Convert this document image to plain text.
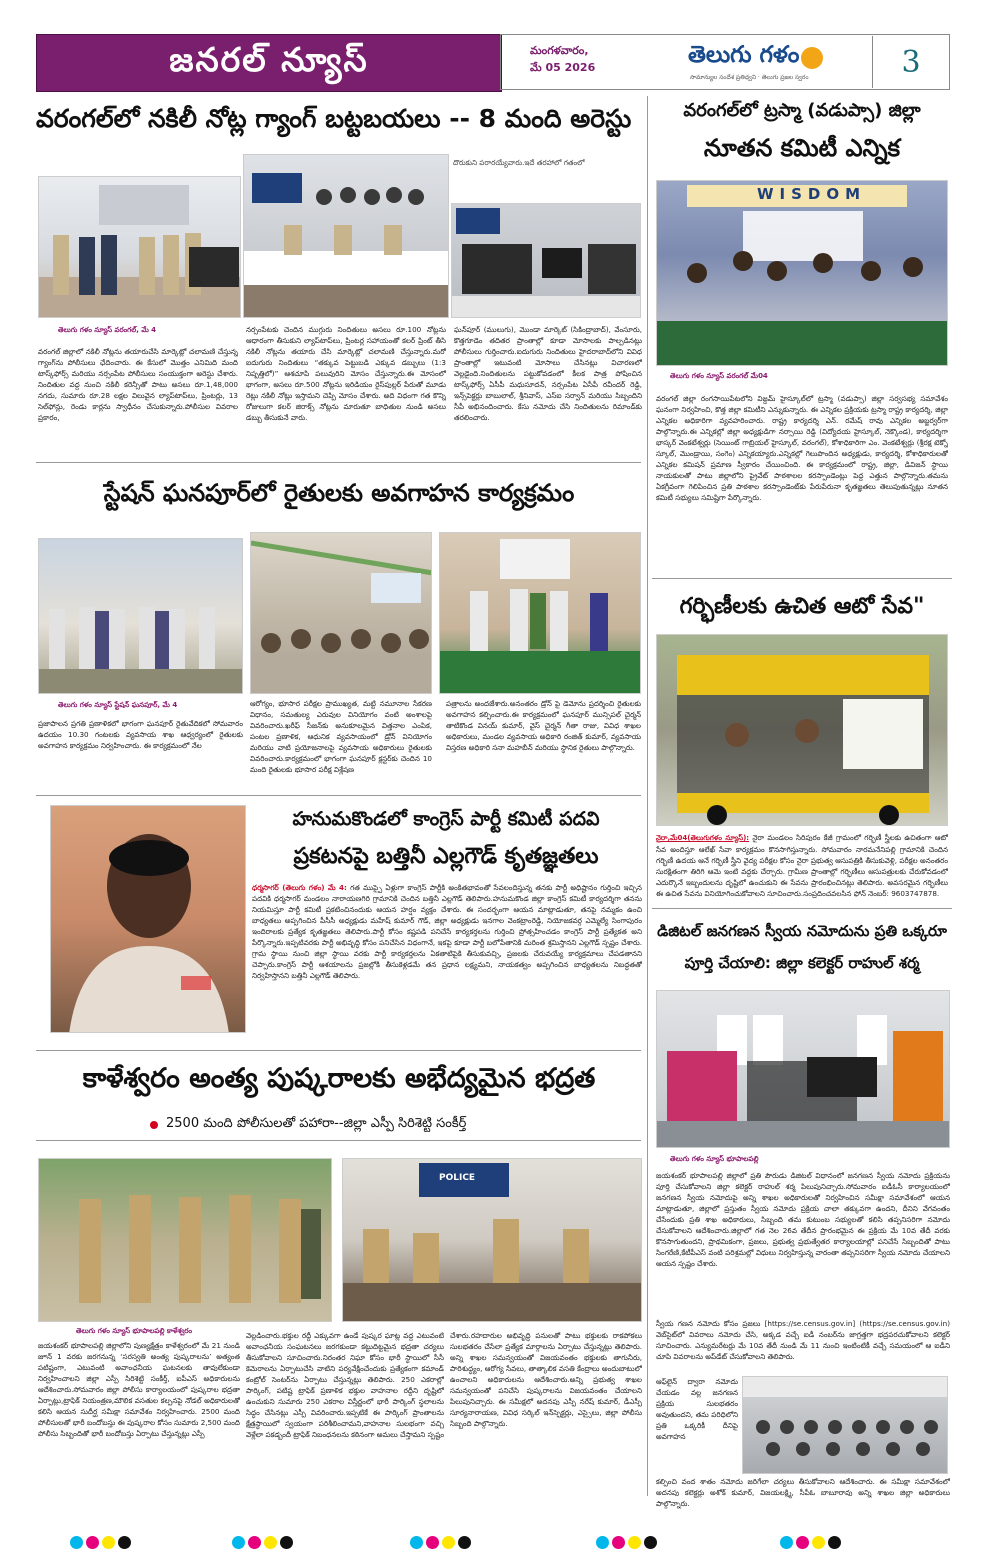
జనరల్ న్యూస్	మంగళవారం,
మే 05 2026	తెలుగు గళం
సామాన్యుల సందేశ ప్రతిధ్వని · తెలుగు ప్రజల స్వరం	3
వరంగల్‌లో నకిలీ నోట్ల గ్యాంగ్ బట్టబయలు -- 8 మంది అరెస్టు
దొరుకుని పరారయ్యేవారు.ఇదే తరహాలో గతంలో
తెలుగు గళం న్యూస్ వరంగల్, మే 4
వరంగల్ జిల్లాలో నకిలీ నోట్లను తయారుచేసి మార్కెట్లో చలామణి చేస్తున్న గ్యాంగ్‌ను పోలీసులు ఛేదించారు. ఈ కేసులో మొత్తం ఎనిమిది మంది టాస్క్‌ఫోర్స్ మరియు నర్సంపేట పోలీసులు సంయుక్తంగా అరెస్టు చేశారు. నిందితుల వద్ద నుంచి నకిలీ కరెన్సీతో పాటు అసలు రూ.1,48,000 నగదు, సుమారు రూ.28 లక్షల విలువైన ల్యాప్‌టాప్‌లు, ప్రింటర్లు, 13 సెల్‌ఫోన్లు, రెండు కార్లను స్వాధీనం చేసుకున్నారు.పోలీసుల వివరాల ప్రకారం,
నర్సంపేటకు చెందిన ముగ్గురు నిందితులు అసలు రూ.100 నోట్లను ఆధారంగా తీసుకుని ల్యాప్‌టాప్‌లు, ప్రింటర్ల సహాయంతో కలర్ ప్రింట్ తీసి నకిలీ నోట్లను తయారు చేసి మార్కెట్లో చలామణి చేస్తున్నారు.మరో ఐదుగురు నిందితులు “తక్కువ పెట్టుబడి ఎక్కువ డబ్బులు (1:3 నిష్పత్తిలో)” ఆశచూపి పలువురిని మోసం చేస్తున్నారు.ఈ మోసంలో భాగంగా, అసలు రూ.500 నోట్లను ఇరిడియం రైస్‌పుల్లర్ పేరుతో మూడు రెట్లు నకిలీ నోట్లు ఇస్తామని చెప్పి మోసం చేశారు. అది విధంగా గత కొన్ని రోజులుగా కలర్ జిరాక్స్ నోట్లను మారుతూ బాధితుల నుండి అసలు డబ్బు తీసుకునే వారు.
ఘన్‌పూర్ (ములుగు), మొండా మార్కెట్ (సికింద్రాబాద్), వేంసూరు, కొత్తగూడెం తదితర ప్రాంతాల్లో కూడా మోసాలకు పాల్పడినట్లు పోలీసులు గుర్తించారు.ఐదుగురు నిందితులు హైదరాబాద్‌లోని వివిధ ప్రాంతాల్లో ఇటువంటి మోసాలు చేసినట్లు విచారణలో వెల్లడైంది.నిందితులను పట్టుకోవడంలో కీలక పాత్ర పోషించిన టాస్క్‌ఫోర్స్ ఏసీపీ మధుసూదన్, నర్సంపేట ఏసీపీ రవీందర్ రెడ్డి, ఇన్స్‌పెక్టర్లు బాబులాల్, శ్రీనివాస్, ఎస్ఐ సర్వాన్ మరియు సిబ్బందిని సీపీ అభినందించారు. కేసు నమోదు చేసి నిందితులను రిమాండ్‌కు తరలించారు.
వరంగల్‌లో ట్రస్మా (వడుప్సా) జిల్లా
నూతన కమిటీ ఎన్నిక
WISDOM
తెలుగు గళం న్యూస్ వరంగల్ మే04
వరంగల్ జిల్లా రంగసాయిపేటలోని విజ్డమ్ హైస్కూల్‌లో ట్రస్మా (వడుప్సా) జిల్లా సర్వసభ్య సమావేశం ఘనంగా నిర్వహించి, కొత్త జిల్లా కమిటీని ఎన్నుకున్నారు. ఈ ఎన్నికల ప్రక్రియకు ట్రస్మా రాష్ట్ర కార్యదర్శి, జిల్లా ఎన్నికల అధికారిగా వ్యవహరించారు. రాష్ట్ర కార్యదర్శి ఎన్. రమేష్ రావు ఎన్నికల అబ్జర్వర్‌గా పాల్గొన్నారు.ఈ ఎన్నికల్లో జిల్లా అధ్యక్షుడిగా నర్సాయి రెడ్డి (విద్యోదయ హైస్కూల్, నెక్కొండ), కార్యదర్శిగా భాస్కర్ వెంకటేశ్వర్లు (సెయింట్ గాబ్రియల్ హైస్కూల్, వరంగల్), కోశాధికారిగా ఎం. వెంకటేశ్వర్లు (శ్రీరక్ష టెక్నో స్కూల్, మొండ్రాయి, సంగెం) ఎన్నికయ్యారు.ఎన్నికల్లో గెలుపొందిన అధ్యక్షుడు, కార్యదర్శి, కోశాధికారులతో ఎన్నికల కమిషన్ ప్రమాణ స్వీకారం చేయించింది. ఈ కార్యక్రమంలో రాష్ట్ర, జిల్లా, డివిజన్ స్థాయి నాయకులతో పాటు జిల్లాలోని ప్రైవేట్ పాఠశాలల కరస్పాండెంట్లు పెద్ద ఎత్తున పాల్గొన్నారు.తమను ఏకగ్రీవంగా గెలిపించిన ప్రతి పాఠశాల కరస్పాండెంట్‌కు పేరుపేరునా కృతజ్ఞతలు తెలుపుతున్నట్లు నూతన కమిటీ సభ్యులు సమిష్టిగా పేర్కొన్నారు.
స్టేషన్ ఘనపూర్‌లో రైతులకు అవగాహన కార్యక్రమం
తెలుగు గళం న్యూస్ స్టేషన్ ఘనపూర్, మే 4
ప్రజాపాలన ప్రగతి ప్రణాళికలో భాగంగా ఘనపూర్ రైతువేదికలో సోమవారం ఉదయం 10.30 గంటలకు వ్యవసాయ శాఖ ఆధ్వర్యంలో రైతులకు అవగాహన కార్యక్రమం నిర్వహించారు. ఈ కార్యక్రమంలో నేల
ఆరోగ్యం, భూసార పరీక్షల ప్రాముఖ్యత, మట్టి నమూనాల సేకరణ విధానం, సమతుల్య ఎరువుల వినియోగం వంటి అంశాలపై వివరించారు.ఖరీఫ్ సీజన్‌కు అనుకూలమైన విత్తనాల ఎంపిక, పంటల ప్రణాళిక, ఆధునిక వ్యవసాయంలో డ్రోన్ వినియోగం మరియు వాటి ప్రయోజనాలపై వ్యవసాయ అధికారులు రైతులకు వివరించారు.కార్యక్రమంలో భాగంగా ఘనపూర్ క్లస్టర్‌కు చెందిన 10 మంది రైతులకు భూసార పరీక్ష విశ్లేషణ
పత్రాలను అందజేశారు.అనంతరం డ్రోన్ పై డెమోను ప్రదర్శించి రైతులకు అవగాహన కల్పించారు.ఈ కార్యక్రమంలో ఘనపూర్ మున్సిపల్ చైర్మన్ తాటికొండ వినయ్ కుమార్, వైస్ చైర్మన్ గీతా రాజు, వివిధ శాఖల అధికారులు, మండల వ్యవసాయ అధికారి రంజిత్ కుమార్, వ్యవసాయ విస్తరణ అధికారి సనా మహబీన్ మరియు స్థానిక రైతులు పాల్గొన్నారు.
గర్భిణీలకు ఉచిత ఆటో సేవ"
నైరా,మే04(తెలుగుగళం న్యూస్): నైరా మండలం సిరిపురం కేజీ గ్రామంలో గర్భిణీ స్త్రీలకు ఉచితంగా ఆటో సేవ అందిస్తూ ఆలేఖ్ సేవా కార్యక్రమం కొనసాగిస్తున్నారు. సోమవారం నారమనేనిపల్లి గ్రామానికి చెందిన గర్భిణీ ఉదయ ఆనే గర్భిణీ స్త్రీని వైద్య పరీక్షల కోసం నైరా ప్రభుత్వ ఆసుపత్రికి తీసుకువెళ్లి, పరీక్షల అనంతరం సురక్షితంగా తిరిగి ఆమె ఇంటి వద్దకు చేర్చారు. గ్రామీణ ప్రాంతాల్లో గర్భిణీలు ఆసుపత్రులకు చేరుకోవడంలో ఎదుర్కొనే ఇబ్బందులను దృష్టిలో ఉంచుకుని ఈ సేవను ప్రారంభించినట్లు తెలిపారు. అవసరమైన గర్భిణీలు ఈ ఉచిత సేవను వినియోగించుకోవాలని సూచించారు.సంప్రదించవలసిన ఫోన్ నెంబర్: 9603747878.
హనుమకొండలో కాంగ్రెస్ పార్టీ కమిటీ పదవి
ప్రకటనపై బత్తినీ ఎల్లగౌడ్ కృతజ్ఞతలు
ధర్మసాగర్ (తెలుగు గళం) మే 4: గత ముప్పై ఏళ్లుగా కాంగ్రెస్ పార్టీకి అంకితభావంతో సేవలందిస్తున్న తనకు పార్టీ అధిష్టానం గుర్తించి ఇచ్చిన పదవికి ధర్మసాగర్ మండలం నారాయణగిరి గ్రామానికి చెందిన బత్తినీ ఎల్లగౌడ్ తెలిపారు.హనుమకొండ జిల్లా కాంగ్రెస్ కమిటీ కార్యదర్శిగా తనను నియమిస్తూ పార్టీ కమిటీ ప్రకటించినందుకు ఆయన హర్షం వ్యక్తం చేశారు. ఈ సందర్భంగా ఆయన మాట్లాడుతూ, తనపై నమ్మకం ఉంచి బాధ్యతలు అప్పగించిన పీసీసీ అధ్యక్షుడు మహేష్ కుమార్ గౌడ్, జిల్లా అధ్యక్షుడు ఇనగాల వెంకట్రాంరెడ్డి, నియోజకవర్గ ఎమ్మెల్యే సింగాపురం ఇందిరాలకు ప్రత్యేక కృతజ్ఞతలు తెలిపారు.పార్టీ కోసం కష్టపడి పనిచేసే కార్యకర్తలను గుర్తించి ప్రోత్సహించడం కాంగ్రెస్ పార్టీ ప్రత్యేకత అని పేర్కొన్నారు.ఇప్పటివరకు పార్టీ అభివృద్ధి కోసం పనిచేసిన విధంగానే, ఇకపై కూడా పార్టీ బలోపేతానికి మరింత శ్రమిస్తానని ఎల్లగౌడ్ స్పష్టం చేశారు. గ్రామ స్థాయి నుంచి జిల్లా స్థాయి వరకు పార్టీ కార్యకర్తలను ఏకతాటిపైకి తీసుకువచ్చి, ప్రజలకు చేరువయ్యే కార్యక్రమాలు చేపడతానని చెప్పారు.కాంగ్రెస్ పార్టీ ఆశయాలను ప్రజల్లోకి తీసుకెళ్లడమే తన ప్రధాన లక్ష్యమని, నాయకత్వం అప్పగించిన బాధ్యతలను నిబద్ధతతో నిర్వహిస్తానని బత్తినీ ఎల్లగౌడ్ తెలిపారు.
డిజిటల్ జనగణన స్వీయ నమోదును ప్రతి ఒక్కరూ
పూర్తి చేయాలి: జిల్లా కలెక్టర్ రాహుల్ శర్మ
తెలుగు గళం న్యూస్ భూపాలపల్లి
జయశంకర్ భూపాలపల్లి జిల్లాలో ప్రతి పౌరుడు డిజిటల్ విధానంలో జనగణన స్వీయ నమోదు ప్రక్రియను పూర్తి చేసుకోవాలని జిల్లా కలెక్టర్ రాహుల్ శర్మ పిలుపునిచ్చారు.సోమవారం ఐడీఓసీ కార్యాలయంలో జనగణన స్వీయ నమోదుపై అన్ని శాఖల అధికారులతో నిర్వహించిన సమీక్షా సమావేశంలో ఆయన మాట్లాడుతూ, జిల్లాలో ప్రస్తుతం స్వీయ నమోదు ప్రక్రియ చాలా తక్కువగా ఉందని, దీనిని వేగవంతం చేసేందుకు ప్రతి శాఖ అధికారులు, సిబ్బంది తమ కుటుంబ సభ్యులతో కలిసి తప్పనిసరిగా నమోదు చేసుకోవాలని ఆదేశించారు.జిల్లాలో గత నెల 26వ తేదీన ప్రారంభమైన ఈ ప్రక్రియ మే 10వ తేదీ వరకు కొనసాగుతుందని, ప్రాథమికంగా, ప్రజలు, ప్రభుత్వ ప్రభుత్వేతర కార్యాలయాల్లో పనిచేసే సిబ్బందితో పాటు సింగరేణి,కేటీపీఎస్ వంటి పరిశ్రమల్లో విధులు నిర్వహిస్తున్న వారంతా తప్పనిసరిగా స్వీయ నమోదు చేయాలని ఆయన స్పష్టం చేశారు.
స్వీయ గణన నమోదు కోసం ప్రజలు [https://se.census.gov.in] (https://se.census.gov.in) వెబ్‌సైట్‌లో వివరాలు నమోదు చేసి, అక్కడ వచ్చే ఐడీ నంబర్‌ను జాగ్రత్తగా భద్రపరచుకోవాలని కలెక్టర్ సూచించారు. ఎన్యుమరేటర్లు మే 10వ తేదీ నుండి మే 11 నుంచి ఇంటింటికీ వచ్చే సమయంలో ఆ ఐడీని చూపి వివరాలను అప్‌డేట్ చేసుకోవాలని తెలిపారు.
ఆఫ్‌లైన్ ద్వారా నమోదు చేయడం వల్ల జనగణన ప్రక్రియ సులభతరం అవుతుందని, తమ పరిధిలోని ప్రతి ఒక్కరికీ దీనిపై అవగాహన
కల్పించి వంద శాతం నమోదు జరిగేలా చర్యలు తీసుకోవాలని ఆదేశించారు. ఈ సమీక్షా సమావేశంలో అదనపు కలెక్టర్లు అశోక్ కుమార్, విజయలక్ష్మి, సీపీఓ బాబూరావు అన్ని శాఖల జిల్లా అధికారులు పాల్గొన్నారు.
కాళేశ్వరం అంత్య పుష్కరాలకు అభేద్యమైన భద్రత
2500 మంది పోలీసులతో పహారా--జిల్లా ఎస్పీ సిరిశెట్టి సంకీర్త్
POLICE
తెలుగు గళం న్యూస్ భూపాలపల్లి కాళేశ్వరం
జయశంకర్ భూపాలపల్లి జిల్లాలోని పుణ్యక్షేత్రం కాళేశ్వరంలో మే 21 నుండి జూన్ 1 వరకు జరగనున్న ‘సరస్వతి అంత్య పుష్కరాలను’ అత్యంత పటిష్టంగా, ఎటువంటి అవాంఛనీయ ఘటనలకు తావులేకుండా నిర్వహించాలని జిల్లా ఎస్పీ సిరిశెట్టి సంకీర్త్, ఐపీఎస్ అధికారులను ఆదేశించారు.సోమవారం జిల్లా పోలీసు కార్యాలయంలో పుష్కరాల భద్రతా ఏర్పాట్లు,ట్రాఫిక్ నియంత్రణ,మౌలిక వసతుల కల్పనపై నోడల్ అధికారులతో కలిసి ఆయన సుదీర్ఘ సమీక్షా సమావేశం నిర్వహించారు. 2500 మంది పోలీసులతో భారీ బందోబస్తు ఈ పుష్కరాల కోసం సుమారు 2,500 మంది పోలీసు సిబ్బందితో భారీ బందోబస్తు ఏర్పాటు చేస్తున్నట్లు ఎస్పీ
వెల్లడించారు.భక్తుల రద్దీ ఎక్కువగా ఉండే పుష్కర ఘాట్ల వద్ద ఎటువంటి అవాంఛనీయ సంఘటనలు జరగకుండా కట్టుదిట్టమైన భద్రతా చర్యలు తీసుకోవాలని సూచించారు.నిరంతర నిఘా కోసం భారీ స్థాయిలో సీసీ కెమెరాలను ఏర్పాటుచేసి వాటిని పర్యవేక్షించేందుకు ప్రత్యేకంగా కమాండ్ కంట్రోల్ సెంటర్‌ను ఏర్పాటు చేస్తున్నట్లు తెలిపారు. 250 ఎకరాల్లో పార్కింగ్, పటిష్ట ట్రాఫిక్ ప్రణాళిక భక్తుల వాహనాల రద్దీని దృష్టిలో ఉంచుకుని సుమారు 250 ఎకరాల విస్తీర్ణంలో భారీ పార్కింగ్ స్థలాలను సిద్ధం చేసినట్లు ఎస్పీ వివరించారు.ఇప్పటికే ఈ పార్కింగ్ ప్రాంతాలను క్షేత్రస్థాయిలో స్వయంగా పరిశీలించామని,వాహనాల సులభంగా వచ్చి వెళ్లేలా పకడ్బందీ ట్రాఫిక్ నిబంధనలను కఠినంగా అమలు చేస్తామని స్పష్టం
చేశారు.రహదారుల అభివృద్ధి పనులతో పాటు భక్తులకు రాకపోకలు సులభతరం చేసేలా ప్రత్యేక మార్గాలను ఏర్పాటు చేస్తున్నట్లు తెలిపారు. అన్ని శాఖల సమన్వయంతో విజయవంతం భక్తులకు తాగునీరు, పారిశుద్ధ్యం, ఆరోగ్య సేవలు, తాత్కాలిక వసతి కేంద్రాలు అందుబాటులో ఉంచాలని అధికారులను ఆదేశించారు.అన్ని ప్రభుత్వ శాఖల సమన్వయంతో పనిచేసి పుష్కరాలను విజయవంతం చేయాలని పిలుపునిచ్చారు. ఈ సమీక్షలో అదనపు ఎస్పీ నరేష్ కుమార్, డీఎస్పీ సూర్యనారాయణ, వివిధ సర్కిల్ ఇన్‌స్పెక్టర్లు, ఎస్సైలు, జిల్లా పోలీసు సిబ్బంది పాల్గొన్నారు.
